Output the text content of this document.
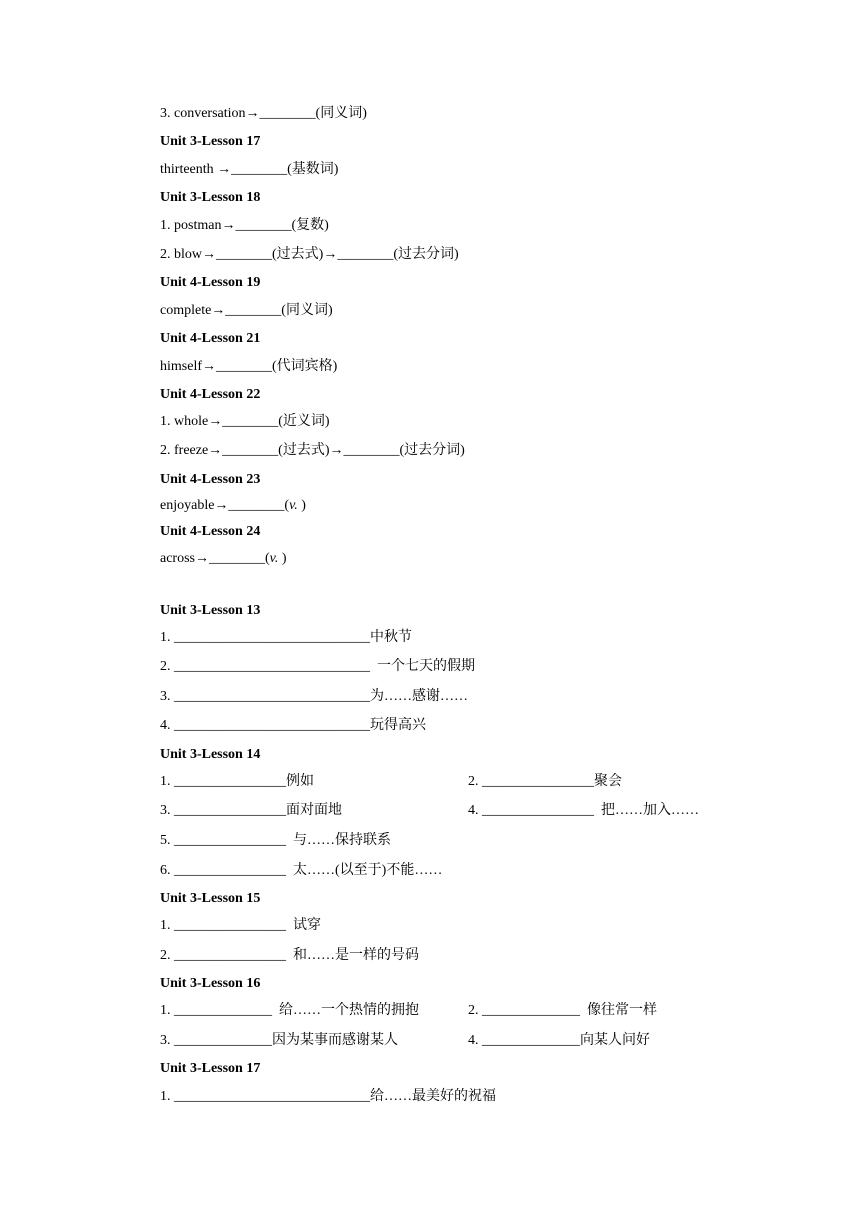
3. conversation→________(同义词)
Unit 3-Lesson 17
thirteenth →________(基数词)
Unit 3-Lesson 18
1. postman→________(复数)
2. blow→________(过去式)→________(过去分词)
Unit 4-Lesson 19
complete→________(同义词)
Unit 4-Lesson 21
himself→________(代词宾格)
Unit 4-Lesson 22
1. whole→________(近义词)
2. freeze→________(过去式)→________(过去分词)
Unit 4-Lesson 23
enjoyable→________(v. )
Unit 4-Lesson 24
across→________(v. )
Unit 3-Lesson 13
1. ____________________________中秋节
2. ____________________________  一个七天的假期
3. ____________________________为……感谢……
4. ____________________________玩得高兴
Unit 3-Lesson 14
1. ________________例如	2. ________________聚会
3. ________________面对面地	4. ________________  把……加入……
5. ________________  与……保持联系
6. ________________  太……(以至于)不能……
Unit 3-Lesson 15
1. ________________  试穿
2. ________________  和……是一样的号码
Unit 3-Lesson 16
1. ______________  给……一个热情的拥抱	2. ______________  像往常一样
3. ______________因为某事而感谢某人	4. ______________向某人问好
Unit 3-Lesson 17
1. ____________________________给……最美好的祝福
